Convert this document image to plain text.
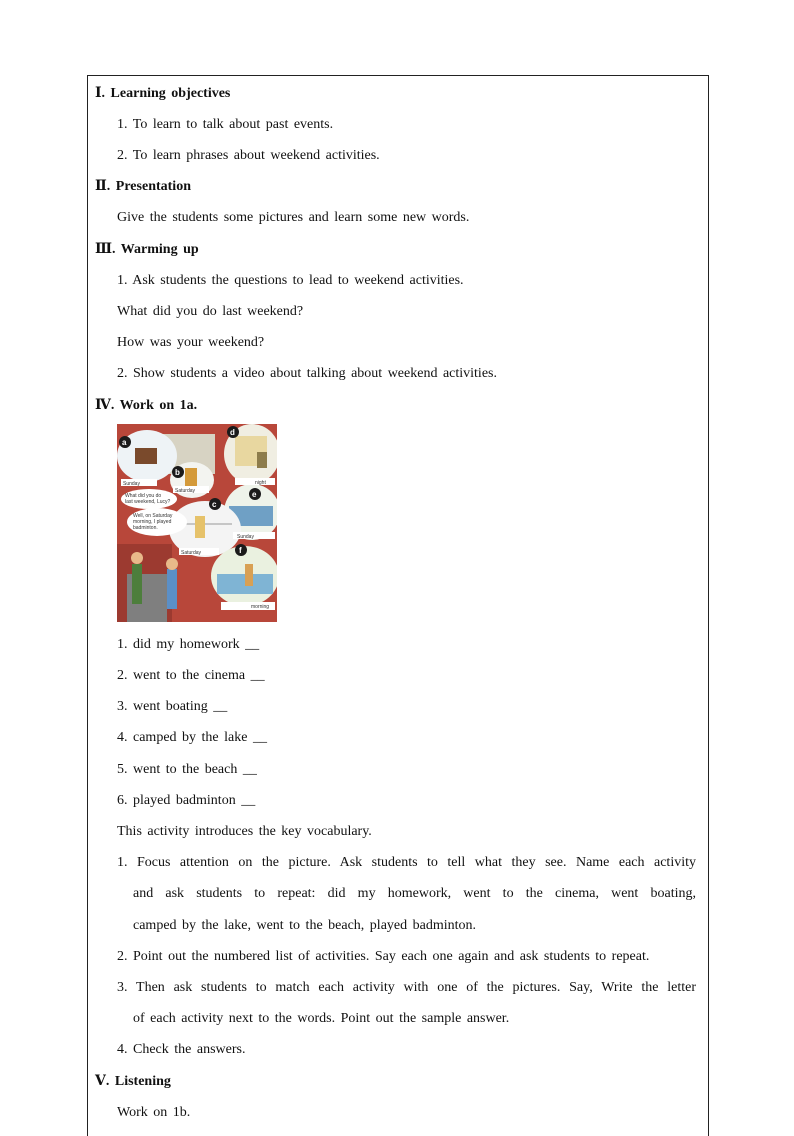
Ⅰ. Learning objectives
1. To learn to talk about past events.
2. To learn phrases about weekend activities.
Ⅱ. Presentation
Give the students some pictures and learn some new words.
Ⅲ. Warming up
1. Ask students the questions to lead to weekend activities.
What did you do last weekend?
How was your weekend?
2. Show students a video about talking about weekend activities.
Ⅳ. Work on 1a.
a
b
c
d
e
f
Sunday
Saturday
night
Saturday
Sunday
morning
What did you do
last weekend, Lucy?
Well, on Saturday
morning, I played
badminton.
1. did my homework __
2. went to the cinema __
3. went boating __
4. camped by the lake __
5. went to the beach __
6. played badminton __
This activity introduces the key vocabulary.
1. Focus attention on the picture. Ask students to tell what they see. Name each activity
and ask students to repeat: did my homework, went to the cinema, went boating,
camped by the lake, went to the beach, played badminton.
2. Point out the numbered list of activities. Say each one again and ask students to repeat.
3. Then ask students to match each activity with one of the pictures. Say, Write the letter
of each activity next to the words. Point out the sample answer.
4. Check the answers.
Ⅴ. Listening
Work on 1b.
